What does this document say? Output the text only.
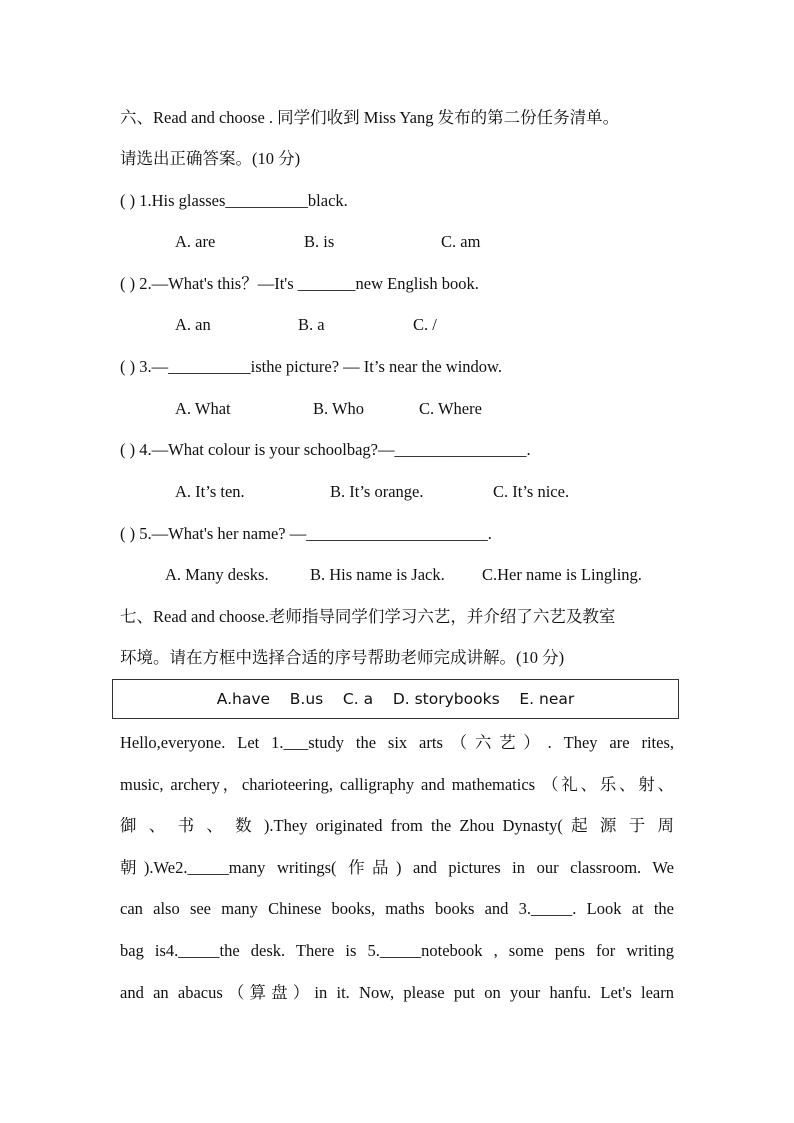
六、Read and choose . 同学们收到 Miss Yang 发布的第二份任务清单。
请选出正确答案。(10 分)
( ) 1.His glasses__________black.
A. are	B. is	C. am
( ) 2.—What's this？—It's _______new English book.
A. an	B. a	C. /
( ) 3.—__________isthe picture? — It’s near the window.
A. What	B. Who	C. Where
( ) 4.—What colour is your schoolbag?—________________.
A. It’s ten.	B. It’s orange.	C. It’s nice.
( ) 5.—What's her name? —______________________.
A. Many desks.	B. His name is Jack. C.Her name is Lingling.
七、Read and choose.老师指导同学们学习六艺，并介绍了六艺及教室
环境。请在方框中选择合适的序号帮助老师完成讲解。(10 分)
A.have    B.us    C. a    D. storybooks    E. near
Hello,everyone. Let 1.___study the six arts（六艺）. They are rites,
music, archery，charioteering, calligraphy and mathematics （礼、乐、射、
御 、 书 、 数 ).They originated from the Zhou Dynasty( 起 源 于 周
朝).We2._____many writings( 作品) and pictures in our classroom. We
can also see many Chinese books, maths books and 3._____. Look at the
bag is4._____the desk. There is 5._____notebook , some pens for writing
and an abacus（算盘）in it. Now, please put on your hanfu. Let's learn
